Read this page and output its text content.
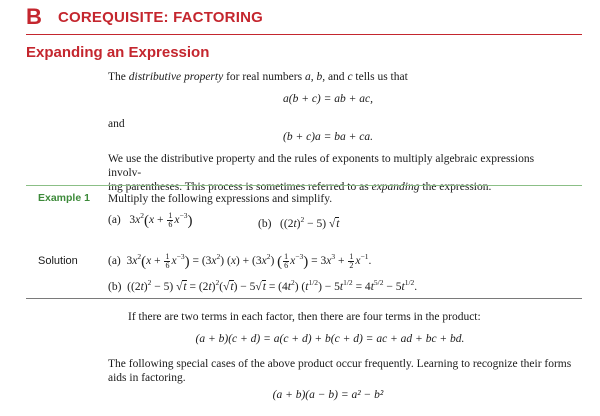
B COREQUISITE: FACTORING
Expanding an Expression
The distributive property for real numbers a, b, and c tells us that
a(b + c) = ab + ac,
and
(b + c)a = ba + ca.
We use the distributive property and the rules of exponents to multiply algebraic expressions involv-
ing parentheses. This process is sometimes referred to as expanding the expression.
Example 1 Multiply the following expressions and simplify.
(a)   $3x^2(x + \frac{1}{6} x^{-3})$	(b)   $((2t)^2 - 5)$ √t
Solution	(a)  $3x^2(x + \frac{1}{6} x^{-3}) = (3x^2) (x) + (3x^2)$ ( $\frac{1}{6} x^{-3}) = 3x^3 + \frac{1}{2} x^{-1}$.
(b)  $((2t)^2 - 5) √t = (2t)^2(√t) - 5√t = (4t^2) (t^{1/2}) - 5t^{1/2} = 4t^{5/2} - 5t^{1/2}$.
If there are two terms in each factor, then there are four terms in the product:
(a + b)(c + d) = a(c + d) + b(c + d) = ac + ad + bc + bd.
The following special cases of the above product occur frequently. Learning to recognize their forms
aids in factoring.
(a + b)(a − b) = a² − b²
